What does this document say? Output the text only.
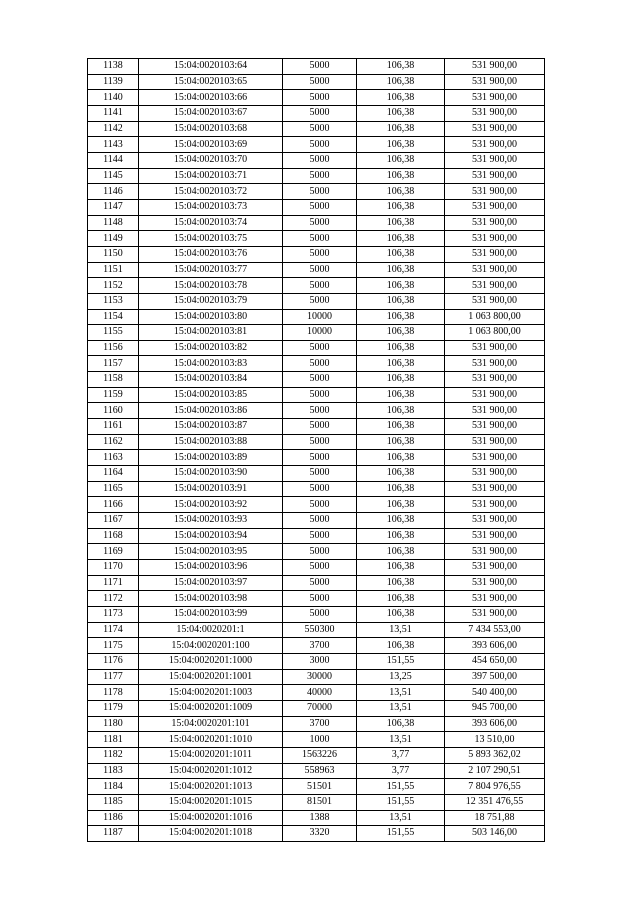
1138	15:04:0020103:64	5000	106,38	531 900,00
1139	15:04:0020103:65	5000	106,38	531 900,00
1140	15:04:0020103:66	5000	106,38	531 900,00
1141	15:04:0020103:67	5000	106,38	531 900,00
1142	15:04:0020103:68	5000	106,38	531 900,00
1143	15:04:0020103:69	5000	106,38	531 900,00
1144	15:04:0020103:70	5000	106,38	531 900,00
1145	15:04:0020103:71	5000	106,38	531 900,00
1146	15:04:0020103:72	5000	106,38	531 900,00
1147	15:04:0020103:73	5000	106,38	531 900,00
1148	15:04:0020103:74	5000	106,38	531 900,00
1149	15:04:0020103:75	5000	106,38	531 900,00
1150	15:04:0020103:76	5000	106,38	531 900,00
1151	15:04:0020103:77	5000	106,38	531 900,00
1152	15:04:0020103:78	5000	106,38	531 900,00
1153	15:04:0020103:79	5000	106,38	531 900,00
1154	15:04:0020103:80	10000	106,38	1 063 800,00
1155	15:04:0020103:81	10000	106,38	1 063 800,00
1156	15:04:0020103:82	5000	106,38	531 900,00
1157	15:04:0020103:83	5000	106,38	531 900,00
1158	15:04:0020103:84	5000	106,38	531 900,00
1159	15:04:0020103:85	5000	106,38	531 900,00
1160	15:04:0020103:86	5000	106,38	531 900,00
1161	15:04:0020103:87	5000	106,38	531 900,00
1162	15:04:0020103:88	5000	106,38	531 900,00
1163	15:04:0020103:89	5000	106,38	531 900,00
1164	15:04:0020103:90	5000	106,38	531 900,00
1165	15:04:0020103:91	5000	106,38	531 900,00
1166	15:04:0020103:92	5000	106,38	531 900,00
1167	15:04:0020103:93	5000	106,38	531 900,00
1168	15:04:0020103:94	5000	106,38	531 900,00
1169	15:04:0020103:95	5000	106,38	531 900,00
1170	15:04:0020103:96	5000	106,38	531 900,00
1171	15:04:0020103:97	5000	106,38	531 900,00
1172	15:04:0020103:98	5000	106,38	531 900,00
1173	15:04:0020103:99	5000	106,38	531 900,00
1174	15:04:0020201:1	550300	13,51	7 434 553,00
1175	15:04:0020201:100	3700	106,38	393 606,00
1176	15:04:0020201:1000	3000	151,55	454 650,00
1177	15:04:0020201:1001	30000	13,25	397 500,00
1178	15:04:0020201:1003	40000	13,51	540 400,00
1179	15:04:0020201:1009	70000	13,51	945 700,00
1180	15:04:0020201:101	3700	106,38	393 606,00
1181	15:04:0020201:1010	1000	13,51	13 510,00
1182	15:04:0020201:1011	1563226	3,77	5 893 362,02
1183	15:04:0020201:1012	558963	3,77	2 107 290,51
1184	15:04:0020201:1013	51501	151,55	7 804 976,55
1185	15:04:0020201:1015	81501	151,55	12 351 476,55
1186	15:04:0020201:1016	1388	13,51	18 751,88
1187	15:04:0020201:1018	3320	151,55	503 146,00
